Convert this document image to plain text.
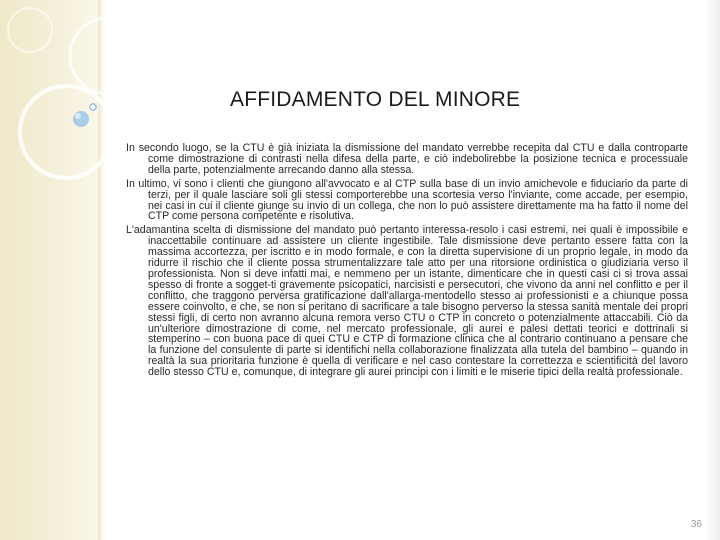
AFFIDAMENTO DEL MINORE

In secondo luogo, se la CTU è già iniziata la dismissione del mandato verrebbe recepita dal CTU e dalla controparte come dimostrazione di contrasti nella difesa della parte, e ciò indebolirebbe la posizione tecnica e processuale della parte, potenzialmente arrecando danno alla stessa.

In ultimo, vi sono i clienti che giungono all'avvocato e al CTP sulla base di un invio amichevole e fiduciario da parte di terzi, per il quale lasciare soli gli stessi comporterebbe una scortesia verso l'inviante, come accade, per esempio, nei casi in cui il cliente giunge su invio di un collega, che non lo può assistere direttamente ma ha fatto il nome del CTP come persona competente e risolutiva.

L'adamantina scelta di dismissione del mandato può pertanto interessa-resolo i casi estremi, nei quali è impossibile e inaccettabile continuare ad assistere un cliente ingestibile. Tale dismissione deve pertanto essere fatta con la massima accortezza, per iscritto e in modo formale, e con la diretta supervisione di un proprio legale, in modo da ridurre il rischio che il cliente possa strumentalizzare tale atto per una ritorsione ordinistica o giudiziaria verso il professionista. Non si deve infatti mai, e nemmeno per un istante, dimenticare che in questi casi ci si trova assai spesso di fronte a sogget-ti gravemente psicopatici, narcisisti e persecutori, che vivono da anni nel conflitto e per il conflitto, che traggono perversa gratificazione dall'allarga-mentodello stesso ai professionisti e a chiunque possa essere coinvolto, e che, se non si peritano di sacrificare a tale bisogno perverso la stessa sanità mentale dei propri stessi figli, di certo non avranno alcuna remora verso CTU o CTP in concreto o potenzialmente attaccabili. Ciò da un'ulteriore dimostrazione di come, nel mercato professionale, gli aurei e palesi dettati teorici e dottrinali si stemperino – con buona pace di quei CTU e CTP di formazione clinica che al contrario continuano a pensare che la funzione del consulente di parte si identifichi nella collaborazione finalizzata alla tutela del bambino – quando in realtà la sua prioritaria funzione è quella di verificare e nel caso contestare la correttezza e scientificità del lavoro dello stesso CTU e, comunque, di integrare gli aurei principi con i limiti e le miserie tipici della realtà professionale.

36
